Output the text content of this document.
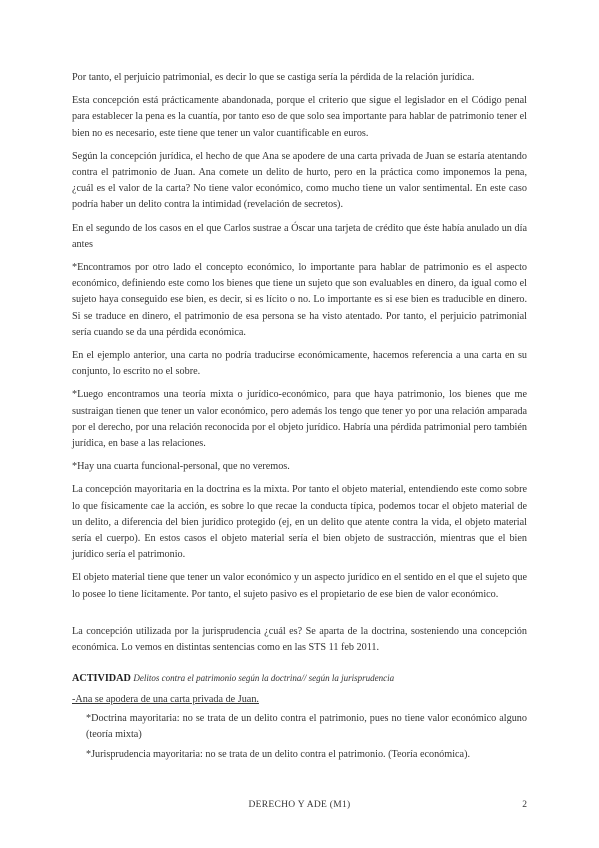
Por tanto, el perjuicio patrimonial, es decir lo que se castiga sería la pérdida de la relación jurídica.

Esta concepción está prácticamente abandonada, porque el criterio que sigue el legislador en el Código penal para establecer la pena es la cuantía, por tanto eso de que solo sea importante para hablar de patrimonio tener el bien no es necesario, este tiene que tener un valor cuantificable en euros.

Según la concepción jurídica, el hecho de que Ana se apodere de una carta privada de Juan se estaría atentando contra el patrimonio de Juan. Ana comete un delito de hurto, pero en la práctica como imponemos la pena, ¿cuál es el valor de la carta? No tiene valor económico, como mucho tiene un valor sentimental. En este caso podría haber un delito contra la intimidad (revelación de secretos).

En el segundo de los casos en el que Carlos sustrae a Óscar una tarjeta de crédito que éste había anulado un día antes

*Encontramos por otro lado el concepto económico, lo importante para hablar de patrimonio es el aspecto económico, definiendo este como los bienes que tiene un sujeto que son evaluables en dinero, da igual como el sujeto haya conseguido ese bien, es decir, si es lícito o no. Lo importante es si ese bien es traducible en dinero. Si se traduce en dinero, el patrimonio de esa persona se ha visto atentado. Por tanto, el perjuicio patrimonial sería cuando se da una pérdida económica.

En el ejemplo anterior, una carta no podría traducirse económicamente, hacemos referencia a una carta en su conjunto, lo escrito no el sobre.

*Luego encontramos una teoría mixta o jurídico-económico, para que haya patrimonio, los bienes que me sustraigan tienen que tener un valor económico, pero además los tengo que tener yo por una relación amparada por el derecho, por una relación reconocida por el objeto jurídico. Habría una pérdida patrimonial pero también jurídica, en base a las relaciones.

*Hay una cuarta funcional-personal, que no veremos.

La concepción mayoritaria en la doctrina es la mixta. Por tanto el objeto material, entendiendo este como sobre lo que físicamente cae la acción, es sobre lo que recae la conducta típica, podemos tocar el objeto material de un delito, a diferencia del bien jurídico protegido (ej, en un delito que atente contra la vida, el objeto material sería el cuerpo). En estos casos el objeto material sería el bien objeto de sustracción, mientras que el bien jurídico sería el patrimonio.

El objeto material tiene que tener un valor económico y un aspecto jurídico en el sentido en el que el sujeto que lo posee lo tiene lícitamente. Por tanto, el sujeto pasivo es el propietario de ese bien de valor económico.

La concepción utilizada por la jurisprudencia ¿cuál es? Se aparta de la doctrina, sosteniendo una concepción económica. Lo vemos en distintas sentencias como en las STS 11 feb 2011.

ACTIVIDAD Delitos contra el patrimonio según la doctrina// según la jurisprudencia

-Ana se apodera de una carta privada de Juan.

*Doctrina mayoritaria: no se trata de un delito contra el patrimonio, pues no tiene valor económico alguno (teoría mixta)

*Jurisprudencia mayoritaria: no se trata de un delito contra el patrimonio. (Teoría económica).

DERECHO Y ADE (M1)	2
